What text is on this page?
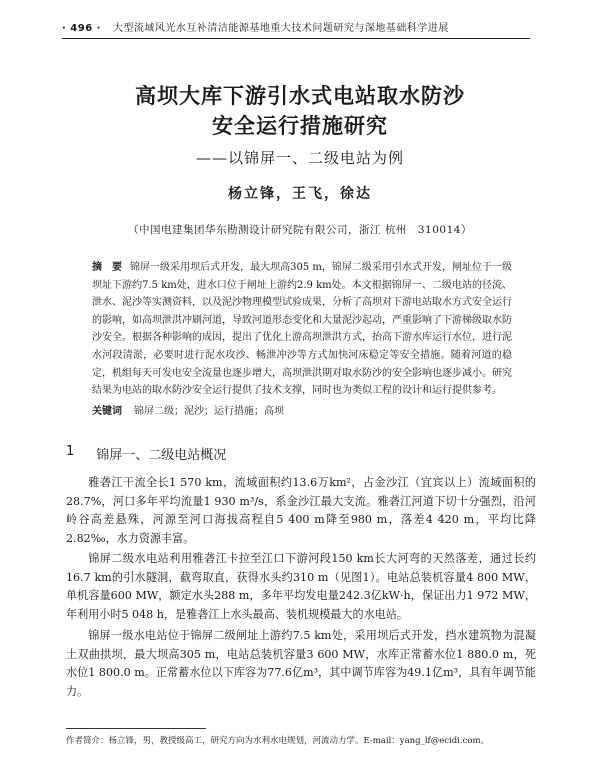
· 496 · 大型流域风光水互补清洁能源基地重大技术问题研究与深地基础科学进展
高坝大库下游引水式电站取水防沙
安全运行措施研究
——以锦屏一、二级电站为例
杨立锋，王飞，徐达
（中国电建集团华东勘测设计研究院有限公司，浙江 杭州　310014）
摘　要 锦屏一级采用坝后式开发，最大坝高305 m，锦屏二级采用引水式开发，闸址位于一级坝址下游约7.5 km处，进水口位于闸址上游约2.9 km处。本文根据锦屏一、二级电站的径流、泄水、泥沙等实测资料，以及泥沙物理模型试验成果，分析了高坝对下游电站取水方式安全运行的影响，如高坝泄洪冲刷河道，导致河道形态变化和大量泥沙起动，严重影响了下游梯级取水防沙安全。根据各种影响的成因，提出了优化上游高坝泄洪方式，抬高下游水库运行水位，进行泥水河段清淤，必要时进行泥水攻沙、畅泄冲沙等方式加快河床稳定等安全措施。随着河道的稳定，机组每天可发电安全流量也逐步增大，高坝泄洪期对取水防沙的安全影响也逐步减小。研究结果为电站的取水防沙安全运行提供了技术支撑，同时也为类似工程的设计和运行提供参考。
关键词 锦屏二级；泥沙；运行措施；高坝
1 锦屏一、二级电站概况

雅砻江干流全长1 570 km，流域面积约13.6万km²，占金沙江（宜宾以上）流域面积的28.7%，河口多年平均流量1 930 m³/s，系金沙江最大支流。雅砻江河道下切十分强烈，沿河岭谷高差悬殊，河源至河口海拔高程自5 400 m降至980 m，落差4 420 m，平均比降2.82‰，水力资源丰富。

锦屏二级水电站利用雅砻江卡拉至江口下游河段150 km长大河弯的天然落差，通过长约16.7 km的引水隧洞，截弯取直，获得水头约310 m（见图1）。电站总装机容量4 800 MW，单机容量600 MW，额定水头288 m，多年平均发电量242.3亿kW·h，保证出力1 972 MW，年利用小时5 048 h，是雅砻江上水头最高、装机规模最大的水电站。

锦屏一级水电站位于锦屏二级闸址上游约7.5 km处，采用坝后式开发，挡水建筑物为混凝土双曲拱坝，最大坝高305 m，电站总装机容量3 600 MW，水库正常蓄水位1 880.0 m，死水位1 800.0 m。正常蓄水位以下库容为77.6亿m³，其中调节库容为49.1亿m³，具有年调节能力。

作者简介：杨立锋，男，教授级高工，研究方向为水利水电规划，河流动力学。E-mail：yang_lf@ecidi.com。
